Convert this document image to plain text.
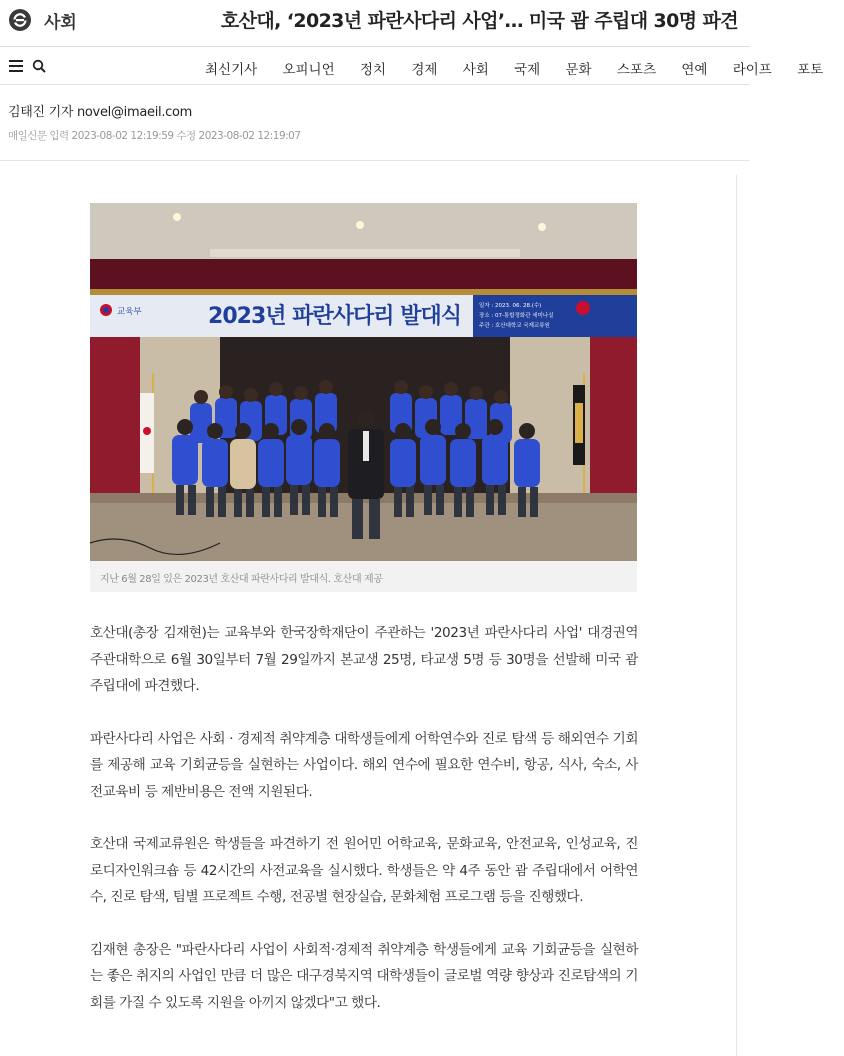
사회	호산대, ‘2023년 파란사다리 사업’… 미국 괌 주립대 30명 파견
최신기사 오피니언 정치 경제 사회 국제 문화 스포츠 연예 라이프 포토
김태진 기자 novel@imaeil.com
매일신문 입력 2023-08-02 12:19:59 수정 2023-08-02 12:19:07
교육부	2023년 파란사다리 발대식	일자 : 2023. 06. 28.(수)
장소 : 07-통합정화관 세미나실
주관 : 호산대학교 국제교류원
지난 6월 28일 있은 2023년 호산대 파란사다리 발대식. 호산대 제공

호산대(총장 김재현)는 교육부와 한국장학재단이 주관하는 '2023년 파란사다리 사업' 대경권역 주관대학으로 6월 30일부터 7월 29일까지 본교생 25명, 타교생 5명 등 30명을 선발해 미국 괌 주립대에 파견했다.

파란사다리 사업은 사회 · 경제적 취약계층 대학생들에게 어학연수와 진로 탐색 등 해외연수 기회를 제공해 교육 기회균등을 실현하는 사업이다. 해외 연수에 필요한 연수비, 항공, 식사, 숙소, 사전교육비 등 제반비용은 전액 지원된다.

호산대 국제교류원은 학생들을 파견하기 전 원어민 어학교육, 문화교육, 안전교육, 인성교육, 진로디자인워크숍 등 42시간의 사전교육을 실시했다. 학생들은 약 4주 동안 괌 주립대에서 어학연수, 진로 탐색, 팀별 프로젝트 수행, 전공별 현장실습, 문화체험 프로그램 등을 진행했다.

김재현 총장은 "파란사다리 사업이 사회적·경제적 취약계층 학생들에게 교육 기회균등을 실현하는 좋은 취지의 사업인 만큼 더 많은 대구경북지역 대학생들이 글로벌 역량 향상과 진로탐색의 기회를 가질 수 있도록 지원을 아끼지 않겠다"고 했다.
